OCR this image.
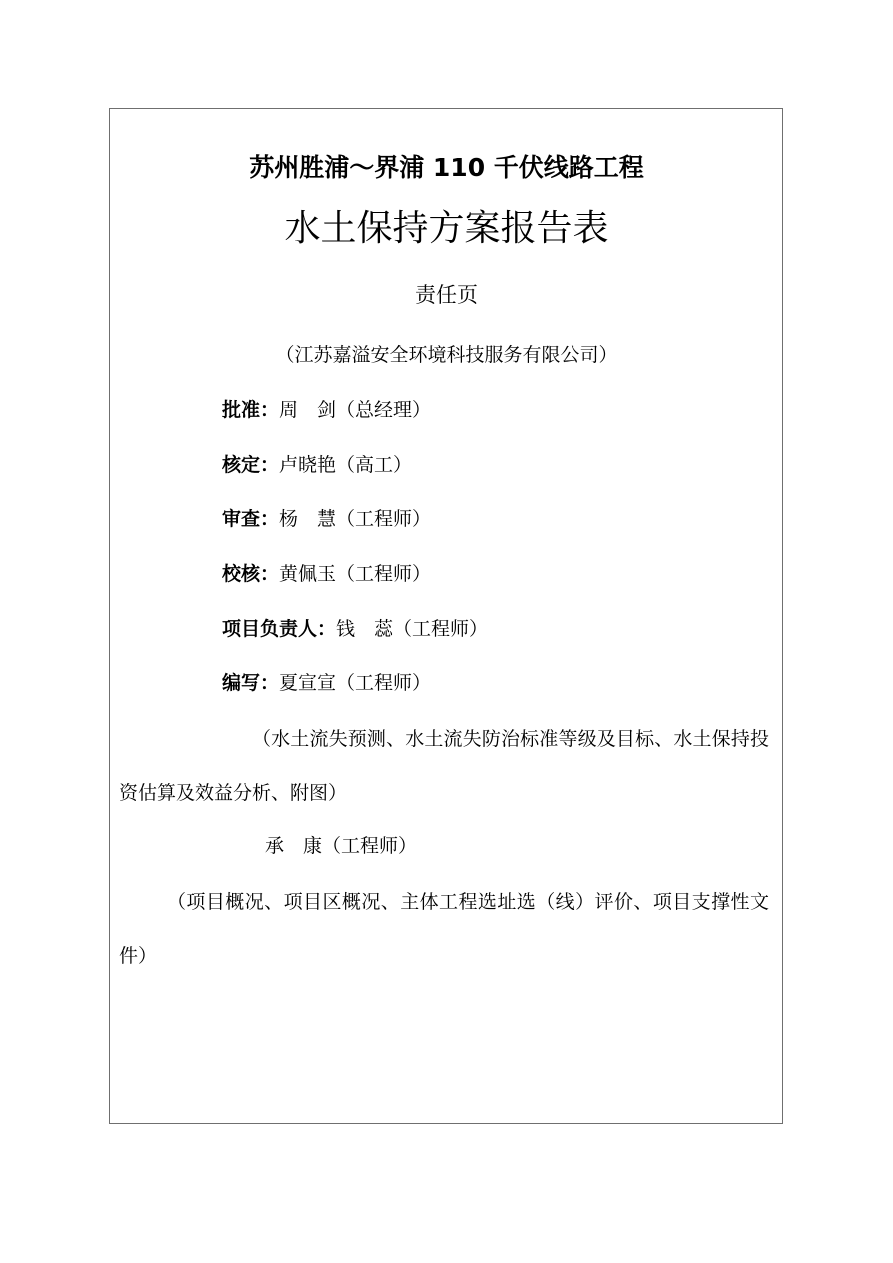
苏州胜浦～界浦 110 千伏线路工程
水土保持方案报告表
责任页
（江苏嘉溢安全环境科技服务有限公司）
批准：周　剑（总经理）
核定：卢晓艳（高工）
审查：杨　慧（工程师）
校核：黄佩玉（工程师）
项目负责人：钱　蕊（工程师）
编写：夏宣宣（工程师）
（水土流失预测、水土流失防治标准等级及目标、水土保持投资估算及效益分析、附图）
承　康（工程师）
（项目概况、项目区概况、主体工程选址选（线）评价、项目支撑性文件）
